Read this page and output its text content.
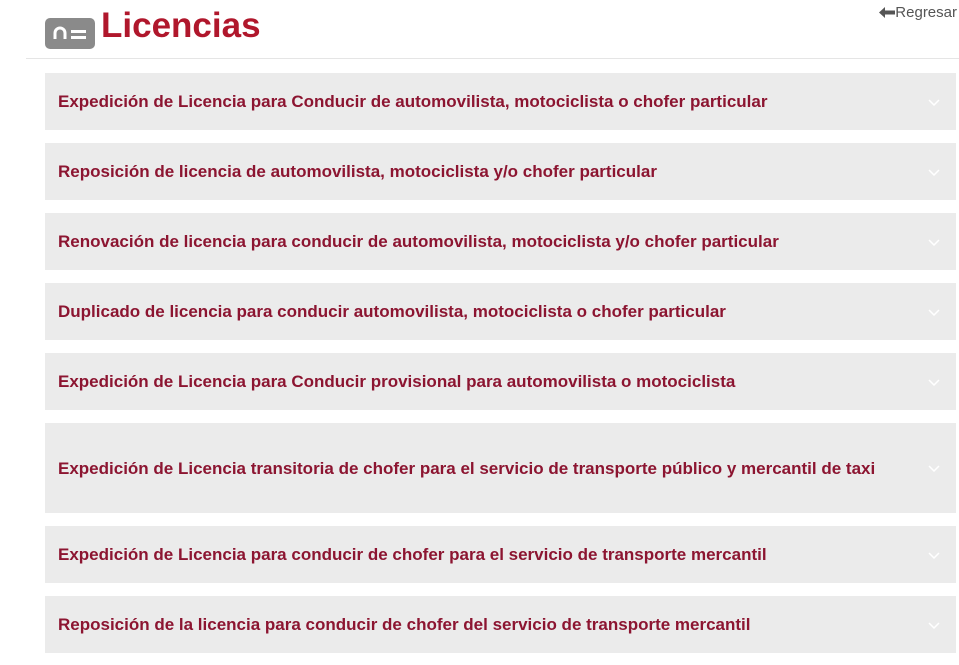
Licencias	Regresar
Expedición de Licencia para Conducir de automovilista, motociclista o chofer particular
Reposición de licencia de automovilista, motociclista y/o chofer particular
Renovación de licencia para conducir de automovilista, motociclista y/o chofer particular
Duplicado de licencia para conducir automovilista, motociclista o chofer particular
Expedición de Licencia para Conducir provisional para automovilista o motociclista
Expedición de Licencia transitoria de chofer para el servicio de transporte público y mercantil de taxi
Expedición de Licencia para conducir de chofer para el servicio de transporte mercantil
Reposición de la licencia para conducir de chofer del servicio de transporte mercantil
